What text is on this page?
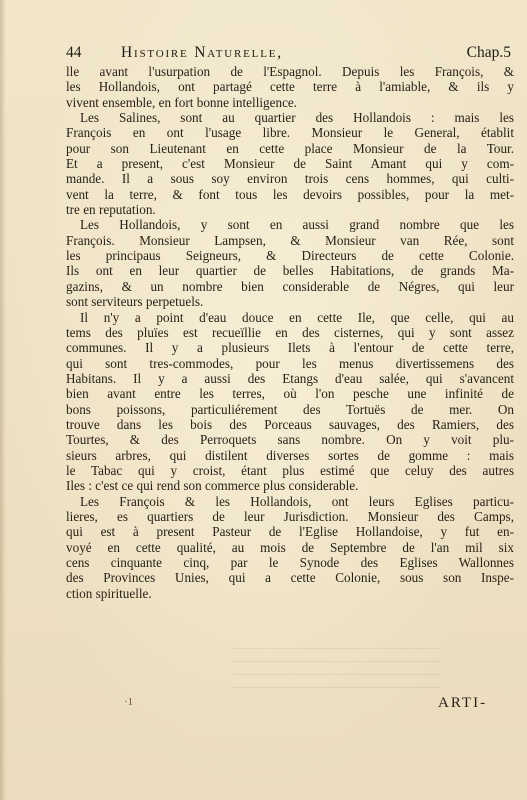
44	Histoire Naturelle,	Chap.5
lle avant l'usurpation de l'Espagnol. Depuis les François, &
les Hollandois, ont partagé cette terre à l'amiable, & ils y
vivent ensemble, en fort bonne intelligence.
Les Salines, sont au quartier des Hollandois : mais les
François en ont l'usage libre. Monsieur le General, établit
pour son Lieutenant en cette place Monsieur de la Tour.
Et a present, c'est Monsieur de Saint Amant qui y com-
mande. Il a sous soy environ trois cens hommes, qui culti-
vent la terre, & font tous les devoirs possibles, pour la met-
tre en reputation.
Les Hollandois, y sont en aussi grand nombre que les
François. Monsieur Lampsen, & Monsieur van Rée, sont
les principaus Seigneurs, & Directeurs de cette Colonie.
Ils ont en leur quartier de belles Habitations, de grands Ma-
gazins, & un nombre bien considerable de Négres, qui leur
sont serviteurs perpetuels.
Il n'y a point d'eau douce en cette Ile, que celle, qui au
tems des pluïes est recueïllie en des cisternes, qui y sont assez
communes. Il y a plusieurs Ilets à l'entour de cette terre,
qui sont tres-commodes, pour les menus divertissemens des
Habitans. Il y a aussi des Etangs d'eau salée, qui s'avancent
bien avant entre les terres, où l'on pesche une infinité de
bons poissons, particuliérement des Tortuës de mer. On
trouve dans les bois des Porceaus sauvages, des Ramiers, des
Tourtes, & des Perroquets sans nombre. On y voit plu-
sieurs arbres, qui distilent diverses sortes de gomme : mais
le Tabac qui y croist, étant plus estimé que celuy des autres
Iles : c'est ce qui rend son commerce plus considerable.
Les François & les Hollandois, ont leurs Eglises particu-
lieres, es quartiers de leur Jurisdiction. Monsieur des Camps,
qui est à present Pasteur de l'Eglise Hollandoise, y fut en-
voyé en cette qualité, au mois de Septembre de l'an mil six
cens cinquante cinq, par le Synode des Eglises Wallonnes
des Provinces Unies, qui a cette Colonie, sous son Inspe-
ction spirituelle.
·1	ARTI-
